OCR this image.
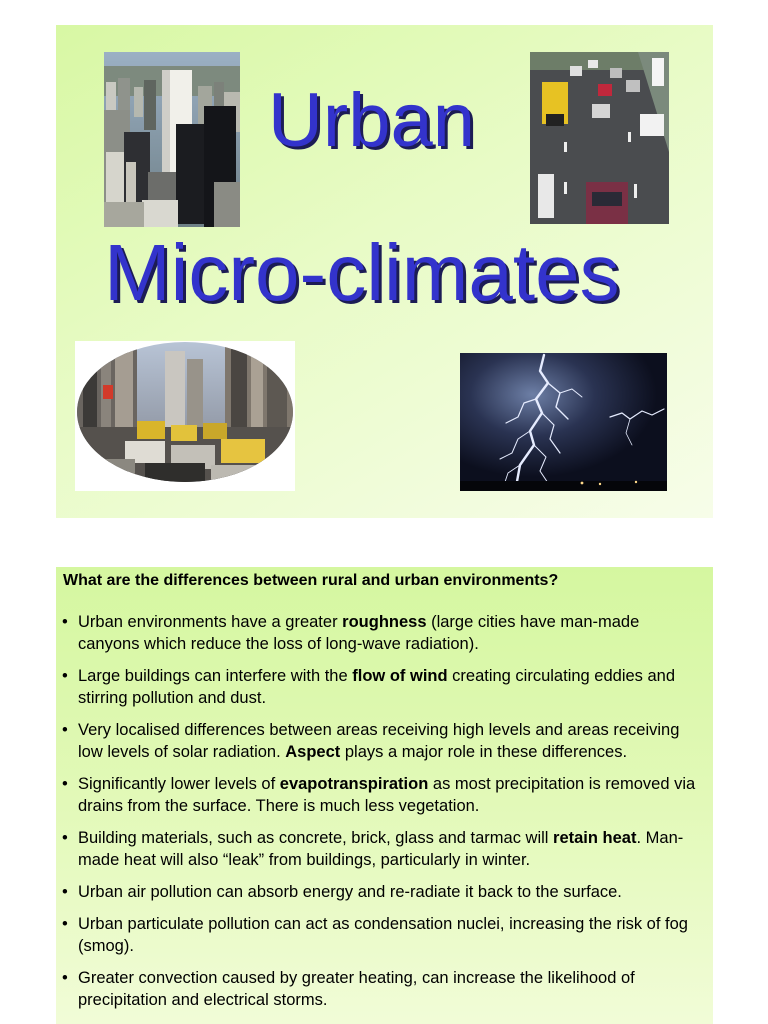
Urban
Micro-climates

What are the differences between rural and urban environments?

• Urban environments have a greater roughness (large cities have man-made canyons which reduce the loss of long-wave radiation).
• Large buildings can interfere with the flow of wind creating circulating eddies and stirring pollution and dust.
• Very localised differences between areas receiving high levels and areas receiving low levels of solar radiation. Aspect plays a major role in these differences.
• Significantly lower levels of evapotranspiration as most precipitation is removed via drains from the surface. There is much less vegetation.
• Building materials, such as concrete, brick, glass and tarmac will retain heat. Man-made heat will also “leak” from buildings, particularly in winter.
• Urban air pollution can absorb energy and re-radiate it back to the surface.
• Urban particulate pollution can act as condensation nuclei, increasing the risk of fog (smog).
• Greater convection caused by greater heating, can increase the likelihood of precipitation and electrical storms.
